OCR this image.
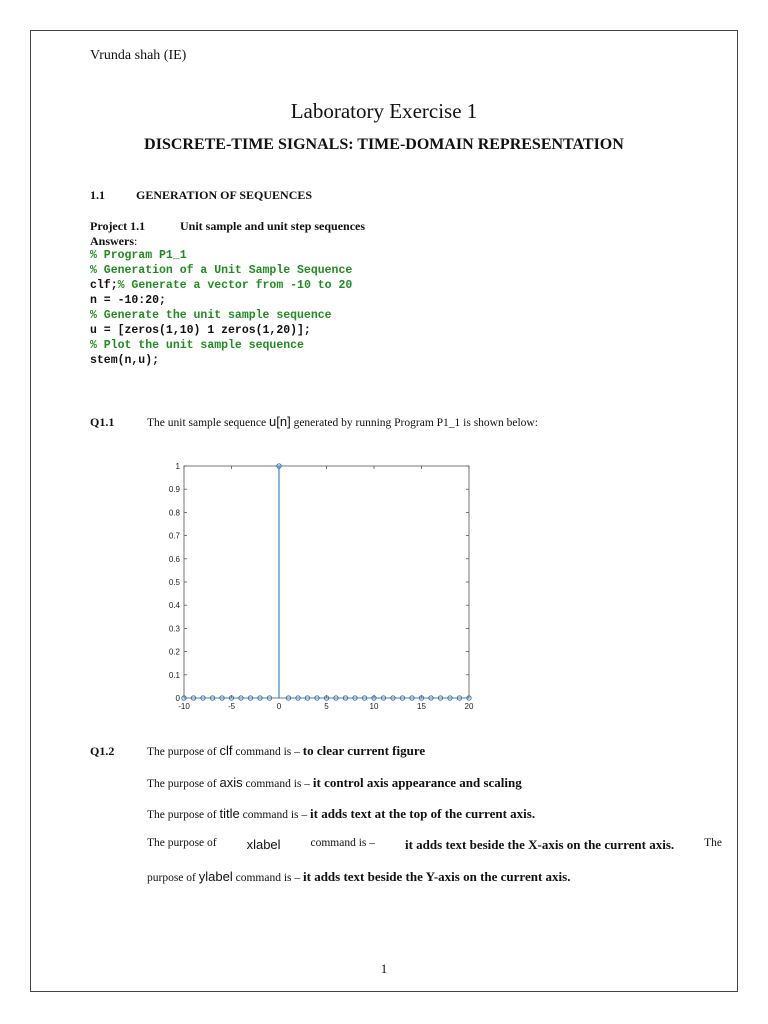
Vrunda shah (IE)
Laboratory Exercise 1
DISCRETE-TIME SIGNALS: TIME-DOMAIN REPRESENTATION
1.1	GENERATION OF SEQUENCES
Project 1.1	Unit sample and unit step sequences
Answers:
% Program P1_1
% Generation of a Unit Sample Sequence
clf;% Generate a vector from -10 to 20
n = -10:20;
% Generate the unit sample sequence
u = [zeros(1,10) 1 zeros(1,20)];
% Plot the unit sample sequence
stem(n,u);
Q1.1	The unit sample sequence u[n] generated by running Program P1_1 is shown below:
0
0.1
0.2
0.3
0.4
0.5
0.6
0.7
0.8
0.9
1
-10	-5	0	5	10	15	20
Q1.2	The purpose of clf command is – to clear current figure
The purpose of axis command is – it control axis appearance and scaling
The purpose of title command is – it adds text at the top of the current axis.
The purpose of xlabel	command is – it adds text beside the X-axis on the current axis.	The
purpose of ylabel command is – it adds text beside the Y-axis on the current axis.
1
